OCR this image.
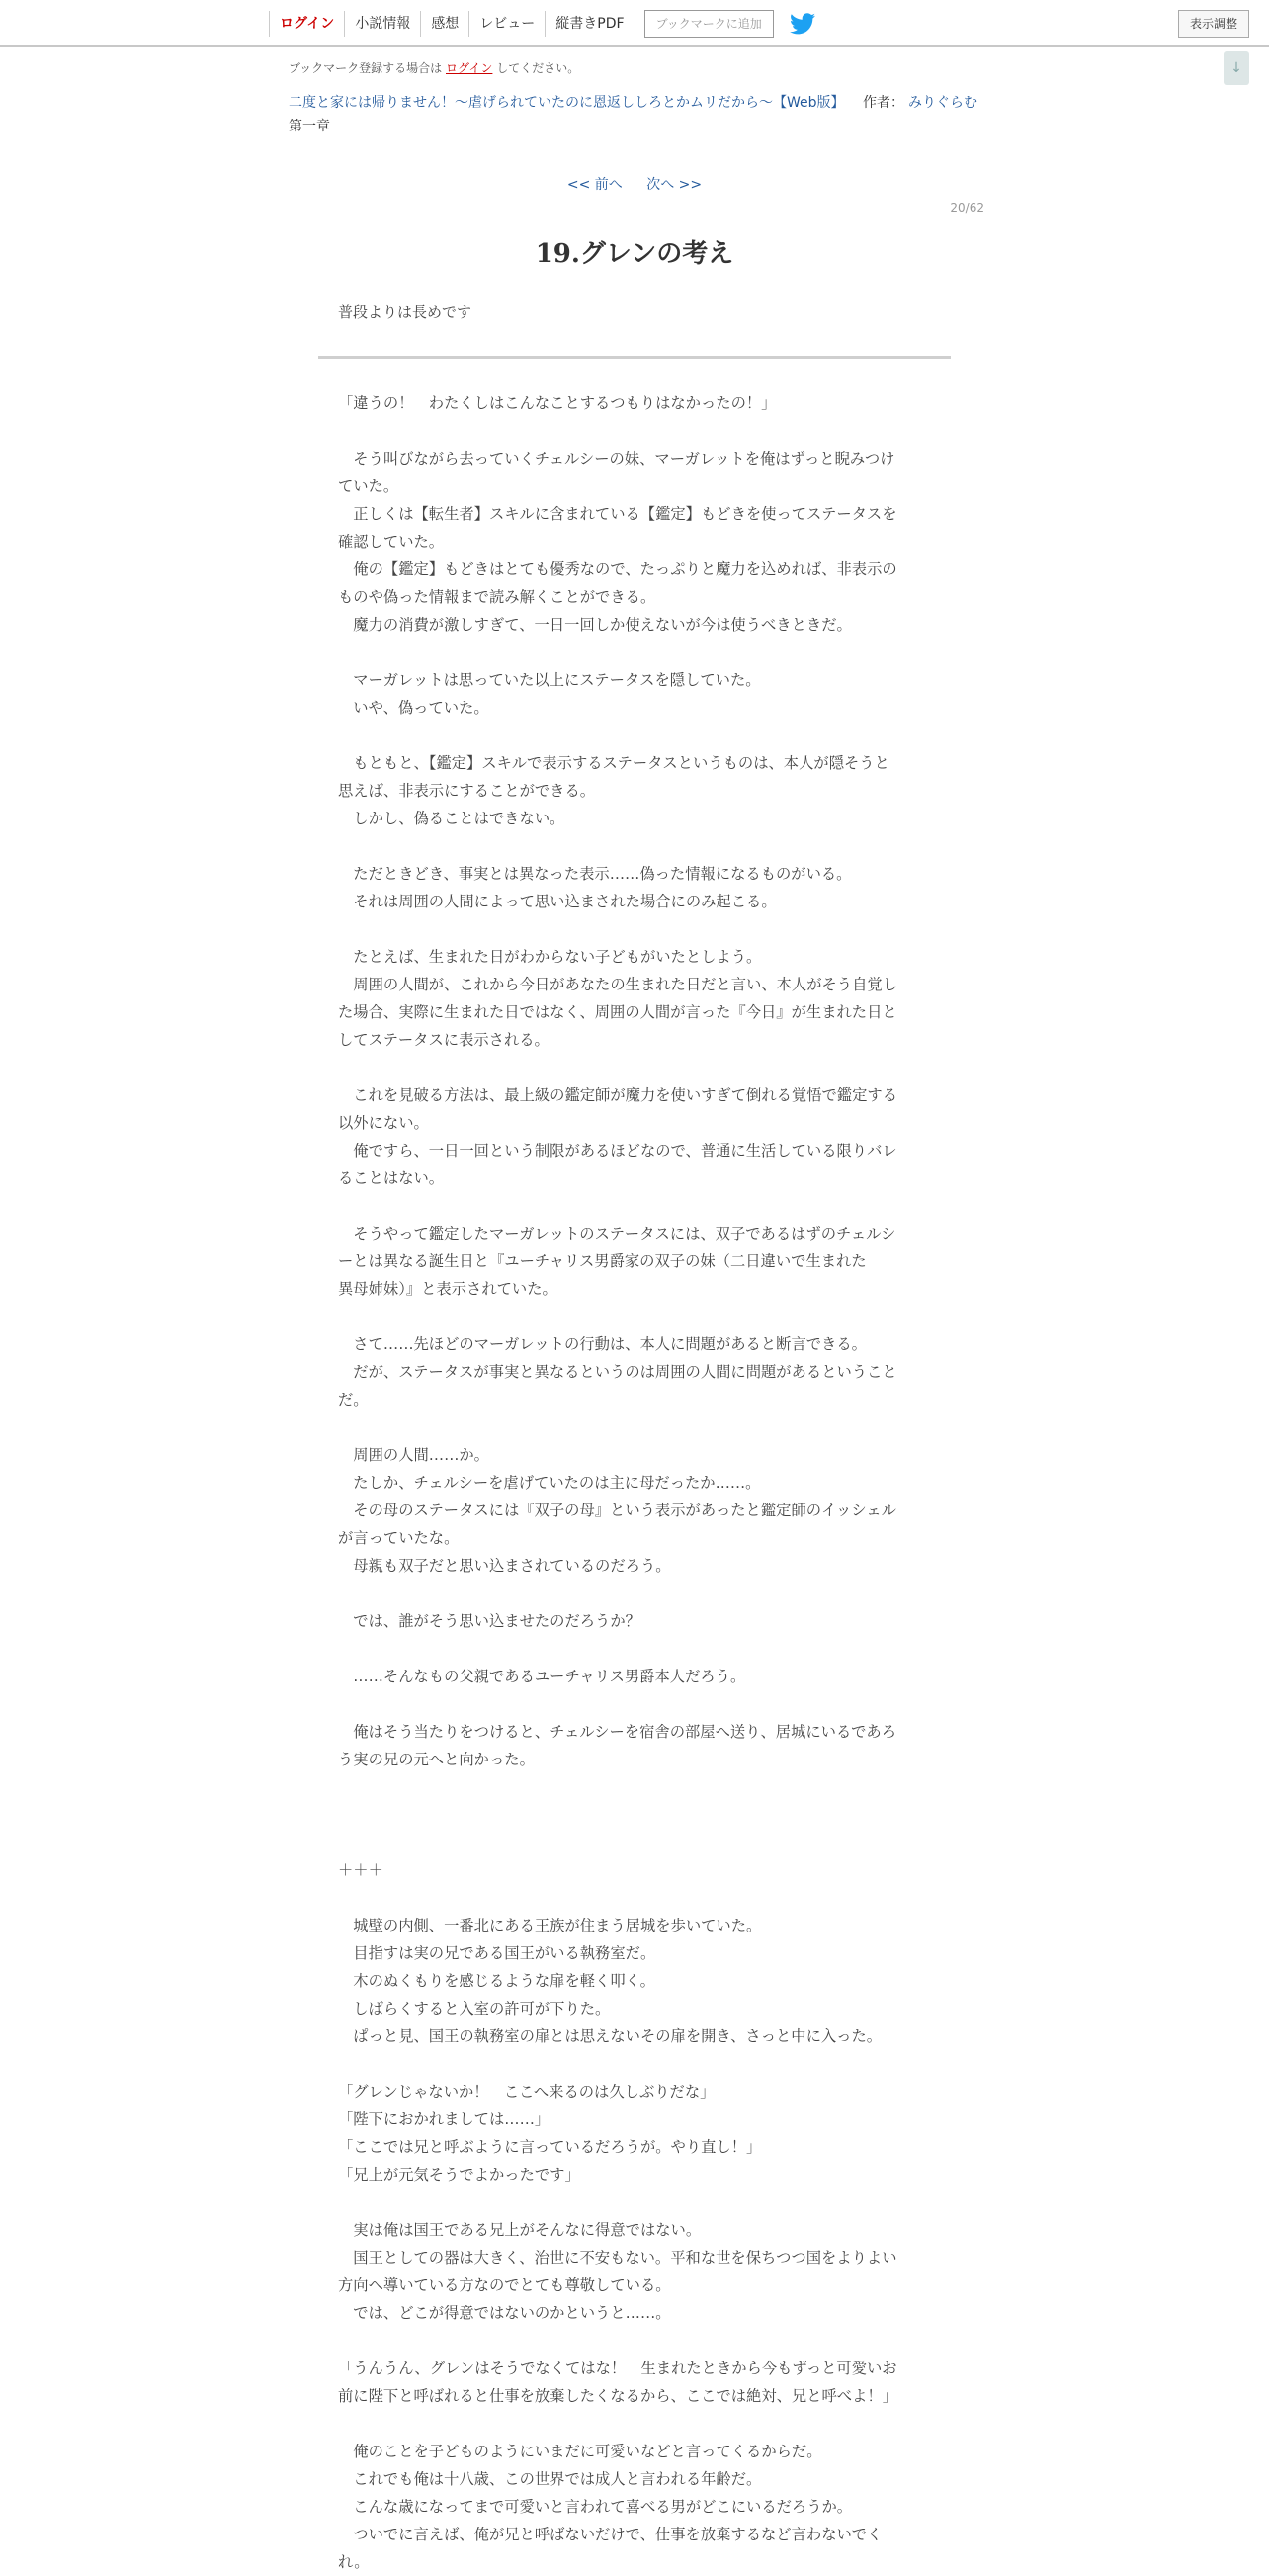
ログイン	小説情報	感想	レビュー	縦書きPDF	ブックマークに追加	表示調整
↓
ブックマーク登録する場合は ログイン してください。
二度と家には帰りません！～虐げられていたのに恩返ししろとかムリだから～【Web版】 作者： みりぐらむ
第一章
<< 前へ 次へ >>
20/62
19.グレンの考え
普段よりは長めです

「違うの！　わたくしはこんなことするつもりはなかったの！」

　そう叫びながら去っていくチェルシーの妹、マーガレットを俺はずっと睨みつけ

ていた。

　正しくは【転生者】スキルに含まれている【鑑定】もどきを使ってステータスを

確認していた。

　俺の【鑑定】もどきはとても優秀なので、たっぷりと魔力を込めれば、非表示の

ものや偽った情報まで読み解くことができる。

　魔力の消費が激しすぎて、一日一回しか使えないが今は使うべきときだ。

　マーガレットは思っていた以上にステータスを隠していた。

　いや、偽っていた。

　もともと、【鑑定】スキルで表示するステータスというものは、本人が隠そうと

思えば、非表示にすることができる。

　しかし、偽ることはできない。

　ただときどき、事実とは異なった表示……偽った情報になるものがいる。

　それは周囲の人間によって思い込まされた場合にのみ起こる。

　たとえば、生まれた日がわからない子どもがいたとしよう。

　周囲の人間が、これから今日があなたの生まれた日だと言い、本人がそう自覚し

た場合、実際に生まれた日ではなく、周囲の人間が言った『今日』が生まれた日と

してステータスに表示される。

　これを見破る方法は、最上級の鑑定師が魔力を使いすぎて倒れる覚悟で鑑定する

以外にない。

　俺ですら、一日一回という制限があるほどなので、普通に生活している限りバレ

ることはない。

　そうやって鑑定したマーガレットのステータスには、双子であるはずのチェルシ

ーとは異なる誕生日と『ユーチャリス男爵家の双子の妹（二日違いで生まれた

異母姉妹）』と表示されていた。

　さて……先ほどのマーガレットの行動は、本人に問題があると断言できる。

　だが、ステータスが事実と異なるというのは周囲の人間に問題があるということ

だ。

　周囲の人間……か。

　たしか、チェルシーを虐げていたのは主に母だったか……。

　その母のステータスには『双子の母』という表示があったと鑑定師のイッシェル

が言っていたな。

　母親も双子だと思い込まされているのだろう。

　では、誰がそう思い込ませたのだろうか？

　……そんなもの父親であるユーチャリス男爵本人だろう。

　俺はそう当たりをつけると、チェルシーを宿舎の部屋へ送り、居城にいるであろ

う実の兄の元へと向かった。

＋＋＋

　城壁の内側、一番北にある王族が住まう居城を歩いていた。

　目指すは実の兄である国王がいる執務室だ。

　木のぬくもりを感じるような扉を軽く叩く。

　しばらくすると入室の許可が下りた。

　ぱっと見、国王の執務室の扉とは思えないその扉を開き、さっと中に入った。

「グレンじゃないか！　ここへ来るのは久しぶりだな」

「陛下におかれましては……」

「ここでは兄と呼ぶように言っているだろうが。やり直し！」

「兄上が元気そうでよかったです」

　実は俺は国王である兄上がそんなに得意ではない。

　国王としての器は大きく、治世に不安もない。平和な世を保ちつつ国をよりよい

方向へ導いている方なのでとても尊敬している。

　では、どこが得意ではないのかというと……。

「うんうん、グレンはそうでなくてはな！　生まれたときから今もずっと可愛いお

前に陛下と呼ばれると仕事を放棄したくなるから、ここでは絶対、兄と呼べよ！」

　俺のことを子どものようにいまだに可愛いなどと言ってくるからだ。

　これでも俺は十八歳、この世界では成人と言われる年齢だ。

　こんな歳になってまで可愛いと言われて喜べる男がどこにいるだろうか。

　ついでに言えば、俺が兄と呼ばないだけで、仕事を放棄するなど言わないでく

れ。
